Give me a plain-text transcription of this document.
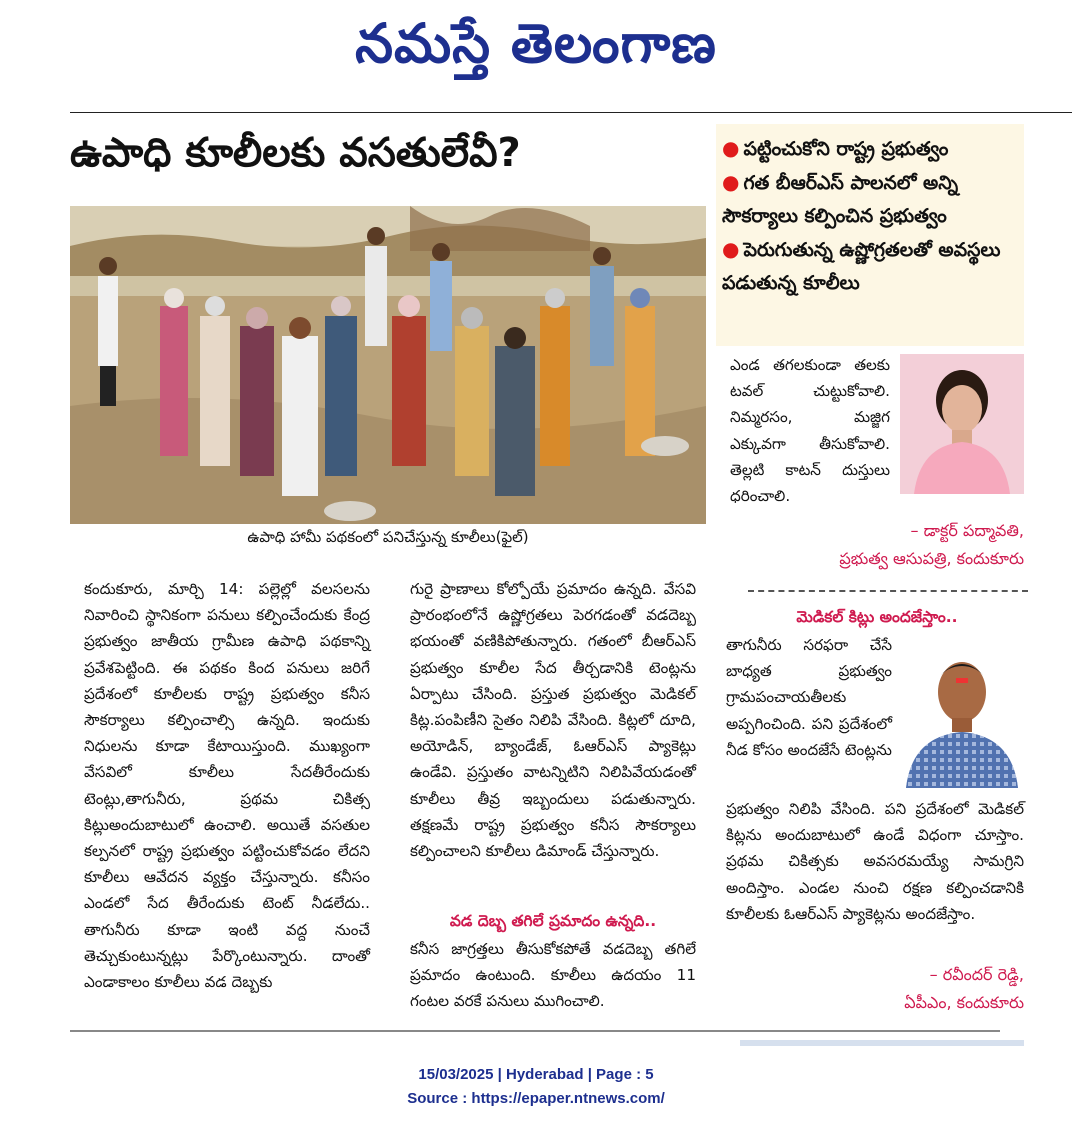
నమస్తే తెలంగాణ
ఉపాధి కూలీలకు వసతులేవీ?
ఉపాధి హామీ పథకంలో పనిచేస్తున్న కూలీలు(ఫైల్)
● పట్టించుకోని రాష్ట్ర ప్రభుత్వం
● గత బీఆర్ఎస్ పాలనలో అన్ని సౌకర్యాలు కల్పించిన ప్రభుత్వం
● పెరుగుతున్న ఉష్ణోగ్రతలతో అవస్థలు పడుతున్న కూలీలు
ఎండ తగలకుండా తలకు టవల్ చుట్టుకోవాలి. నిమ్మరసం, మజ్జిగ ఎక్కువగా తీసుకోవాలి. తెల్లటి కాటన్ దుస్తులు ధరించాలి.
– డాక్టర్ పద్మావతి,
ప్రభుత్వ ఆసుపత్రి, కందుకూరు
మెడికల్ కిట్లు అందజేస్తాం..
తాగునీరు సరఫరా చేసే బాధ్యత ప్రభుత్వం గ్రామపంచాయతీలకు అప్పగించింది. పని ప్రదేశంలో నీడ కోసం అందజేసే టెంట్లను
ప్రభుత్వం నిలిపి వేసింది. పని ప్రదేశంలో మెడికల్ కిట్లను అందుబాటులో ఉండే విధంగా చూస్తాం. ప్రథమ చికిత్సకు అవసరమయ్యే సామగ్రిని అందిస్తాం. ఎండల నుంచి రక్షణ కల్పించడానికి కూలీలకు ఓఆర్ఎస్ ప్యాకెట్లను అందజేస్తాం.
– రవీందర్ రెడ్డి,
ఏపీఎం, కందుకూరు
కందుకూరు, మార్చి 14: పల్లెల్లో వలసలను నివారించి స్థానికంగా పనులు కల్పించేందుకు కేంద్ర ప్రభుత్వం జాతీయ గ్రామీణ ఉపాధి పథకాన్ని ప్రవేశపెట్టింది. ఈ పథకం కింద పనులు జరిగే ప్రదేశంలో కూలీలకు రాష్ట్ర ప్రభుత్వం కనీస సౌకర్యాలు కల్పించాల్సి ఉన్నది. ఇందుకు నిధులను కూడా కేటాయిస్తుంది. ముఖ్యంగా వేసవిలో కూలీలు సేదతీరేందుకు టెంట్లు,తాగునీరు, ప్రథమ చికిత్స కిట్లుఅందుబాటులో ఉంచాలి. అయితే వసతుల కల్పనలో రాష్ట్ర ప్రభుత్వం పట్టించుకోవడం లేదని కూలీలు ఆవేదన వ్యక్తం చేస్తున్నారు. కనీసం ఎండలో సేద తీరేందుకు టెంట్ నీడలేదు.. తాగునీరు కూడా ఇంటి వద్ద నుంచే తెచ్చుకుంటున్నట్లు పేర్కొంటున్నారు. దాంతో ఎండాకాలం కూలీలు వడ దెబ్బకు
గురై ప్రాణాలు కోల్పోయే ప్రమాదం ఉన్నది. వేసవి ప్రారంభంలోనే ఉష్ణోగ్రతలు పెరగడంతో వడదెబ్బ భయంతో వణికిపోతున్నారు. గతంలో బీఆర్ఎస్ ప్రభుత్వం కూలీల సేద తీర్చడానికి టెంట్లను ఏర్పాటు చేసింది. ప్రస్తుత ప్రభుత్వం మెడికల్ కిట్ల.పంపిణీని సైతం నిలిపి వేసింది. కిట్లలో దూది, అయోడిన్, బ్యాండేజ్, ఓఆర్ఎస్ ప్యాకెట్లు ఉండేవి. ప్రస్తుతం వాటన్నిటిని నిలిపివేయడంతో కూలీలు తీవ్ర ఇబ్బందులు పడుతున్నారు. తక్షణమే రాష్ట్ర ప్రభుత్వం కనీస సౌకర్యాలు కల్పించాలని కూలీలు డిమాండ్ చేస్తున్నారు.
వడ దెబ్బ తగిలే ప్రమాదం ఉన్నది..
కనీస జాగ్రత్తలు తీసుకోకపోతే వడదెబ్బ తగిలే ప్రమాదం ఉంటుంది. కూలీలు ఉదయం 11 గంటల వరకే పనులు ముగించాలి.
15/03/2025 | Hyderabad | Page : 5
Source : https://epaper.ntnews.com/
